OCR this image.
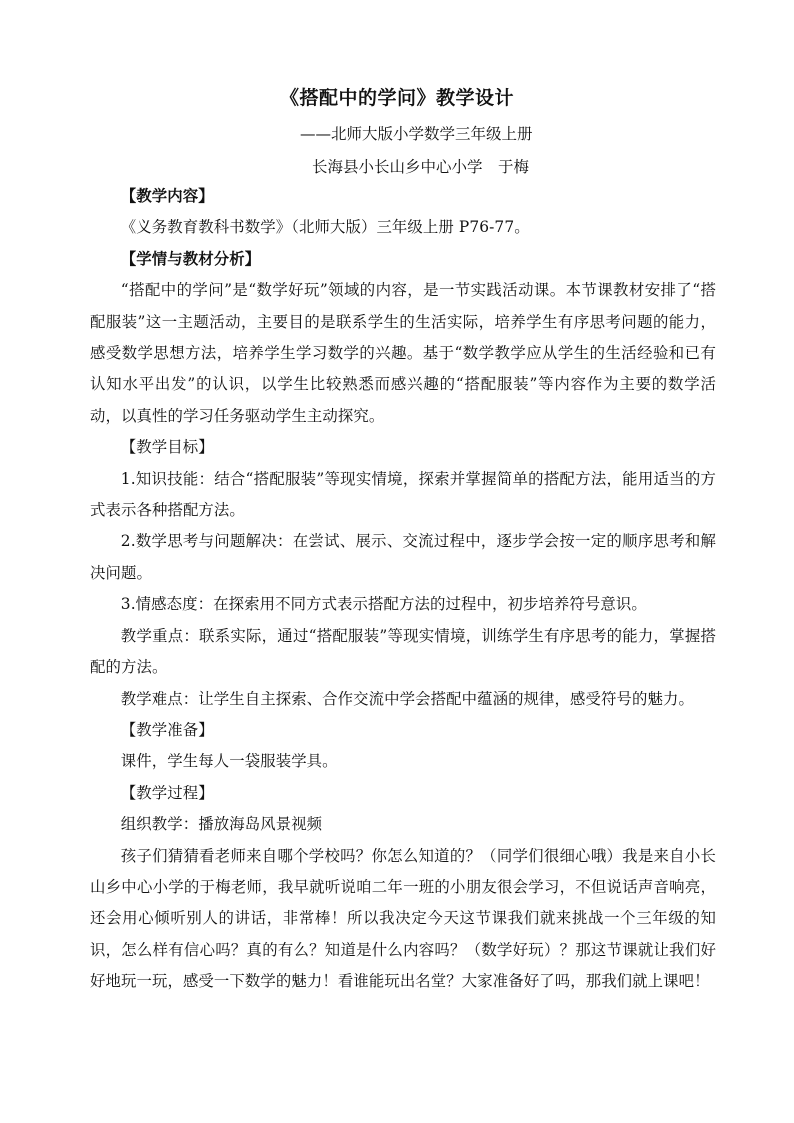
《搭配中的学问》教学设计
——北师大版小学数学三年级上册
长海县小长山乡中心小学　于梅

【教学内容】

《义务教育教科书数学》（北师大版）三年级上册 P76-77。

【学情与教材分析】

“搭配中的学问”是“数学好玩”领域的内容，是一节实践活动课。本节课教材安排了“搭配服装”这一主题活动，主要目的是联系学生的生活实际，培养学生有序思考问题的能力，感受数学思想方法，培养学生学习数学的兴趣。基于“数学教学应从学生的生活经验和已有认知水平出发”的认识，以学生比较熟悉而感兴趣的“搭配服装”等内容作为主要的数学活动，以真性的学习任务驱动学生主动探究。

【教学目标】

1.知识技能：结合“搭配服装”等现实情境，探索并掌握简单的搭配方法，能用适当的方式表示各种搭配方法。

2.数学思考与问题解决：在尝试、展示、交流过程中，逐步学会按一定的顺序思考和解决问题。

3.情感态度：在探索用不同方式表示搭配方法的过程中，初步培养符号意识。

教学重点：联系实际，通过“搭配服装”等现实情境，训练学生有序思考的能力，掌握搭配的方法。

教学难点：让学生自主探索、合作交流中学会搭配中蕴涵的规律，感受符号的魅力。

【教学准备】

课件，学生每人一袋服装学具。

【教学过程】

组织教学：播放海岛风景视频

孩子们猜猜看老师来自哪个学校吗？你怎么知道的？（同学们很细心哦）我是来自小长山乡中心小学的于梅老师，我早就听说咱二年一班的小朋友很会学习，不但说话声音响亮，还会用心倾听别人的讲话，非常棒！所以我决定今天这节课我们就来挑战一个三年级的知识，怎么样有信心吗？真的有么？知道是什么内容吗？（数学好玩）？那这节课就让我们好好地玩一玩，感受一下数学的魅力！看谁能玩出名堂？大家准备好了吗，那我们就上课吧！
